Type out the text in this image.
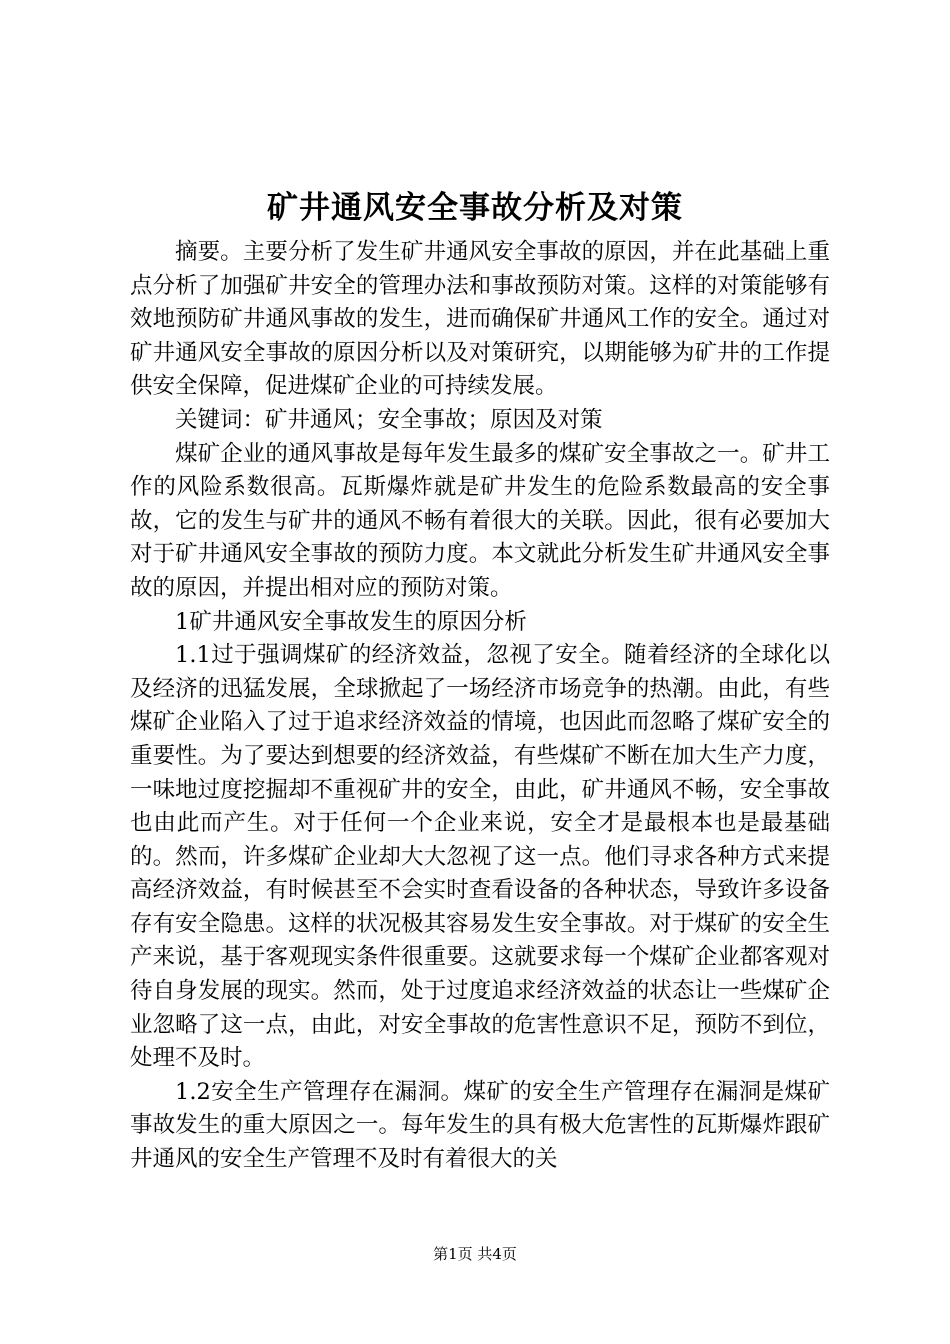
矿井通风安全事故分析及对策

摘要。主要分析了发生矿井通风安全事故的原因，并在此基础上重点分析了加强矿井安全的管理办法和事故预防对策。这样的对策能够有效地预防矿井通风事故的发生，进而确保矿井通风工作的安全。通过对矿井通风安全事故的原因分析以及对策研究，以期能够为矿井的工作提供安全保障，促进煤矿企业的可持续发展。

关键词：矿井通风；安全事故；原因及对策

煤矿企业的通风事故是每年发生最多的煤矿安全事故之一。矿井工作的风险系数很高。瓦斯爆炸就是矿井发生的危险系数最高的安全事故，它的发生与矿井的通风不畅有着很大的关联。因此，很有必要加大对于矿井通风安全事故的预防力度。本文就此分析发生矿井通风安全事故的原因，并提出相对应的预防对策。

1矿井通风安全事故发生的原因分析

1.1过于强调煤矿的经济效益，忽视了安全。随着经济的全球化以及经济的迅猛发展，全球掀起了一场经济市场竞争的热潮。由此，有些煤矿企业陷入了过于追求经济效益的情境，也因此而忽略了煤矿安全的重要性。为了要达到想要的经济效益，有些煤矿不断在加大生产力度，一味地过度挖掘却不重视矿井的安全，由此，矿井通风不畅，安全事故也由此而产生。对于任何一个企业来说，安全才是最根本也是最基础的。然而，许多煤矿企业却大大忽视了这一点。他们寻求各种方式来提高经济效益，有时候甚至不会实时查看设备的各种状态，导致许多设备存有安全隐患。这样的状况极其容易发生安全事故。对于煤矿的安全生产来说，基于客观现实条件很重要。这就要求每一个煤矿企业都客观对待自身发展的现实。然而，处于过度追求经济效益的状态让一些煤矿企业忽略了这一点，由此，对安全事故的危害性意识不足，预防不到位，处理不及时。

1.2安全生产管理存在漏洞。煤矿的安全生产管理存在漏洞是煤矿事故发生的重大原因之一。每年发生的具有极大危害性的瓦斯爆炸跟矿井通风的安全生产管理不及时有着很大的关

第1页 共4页
